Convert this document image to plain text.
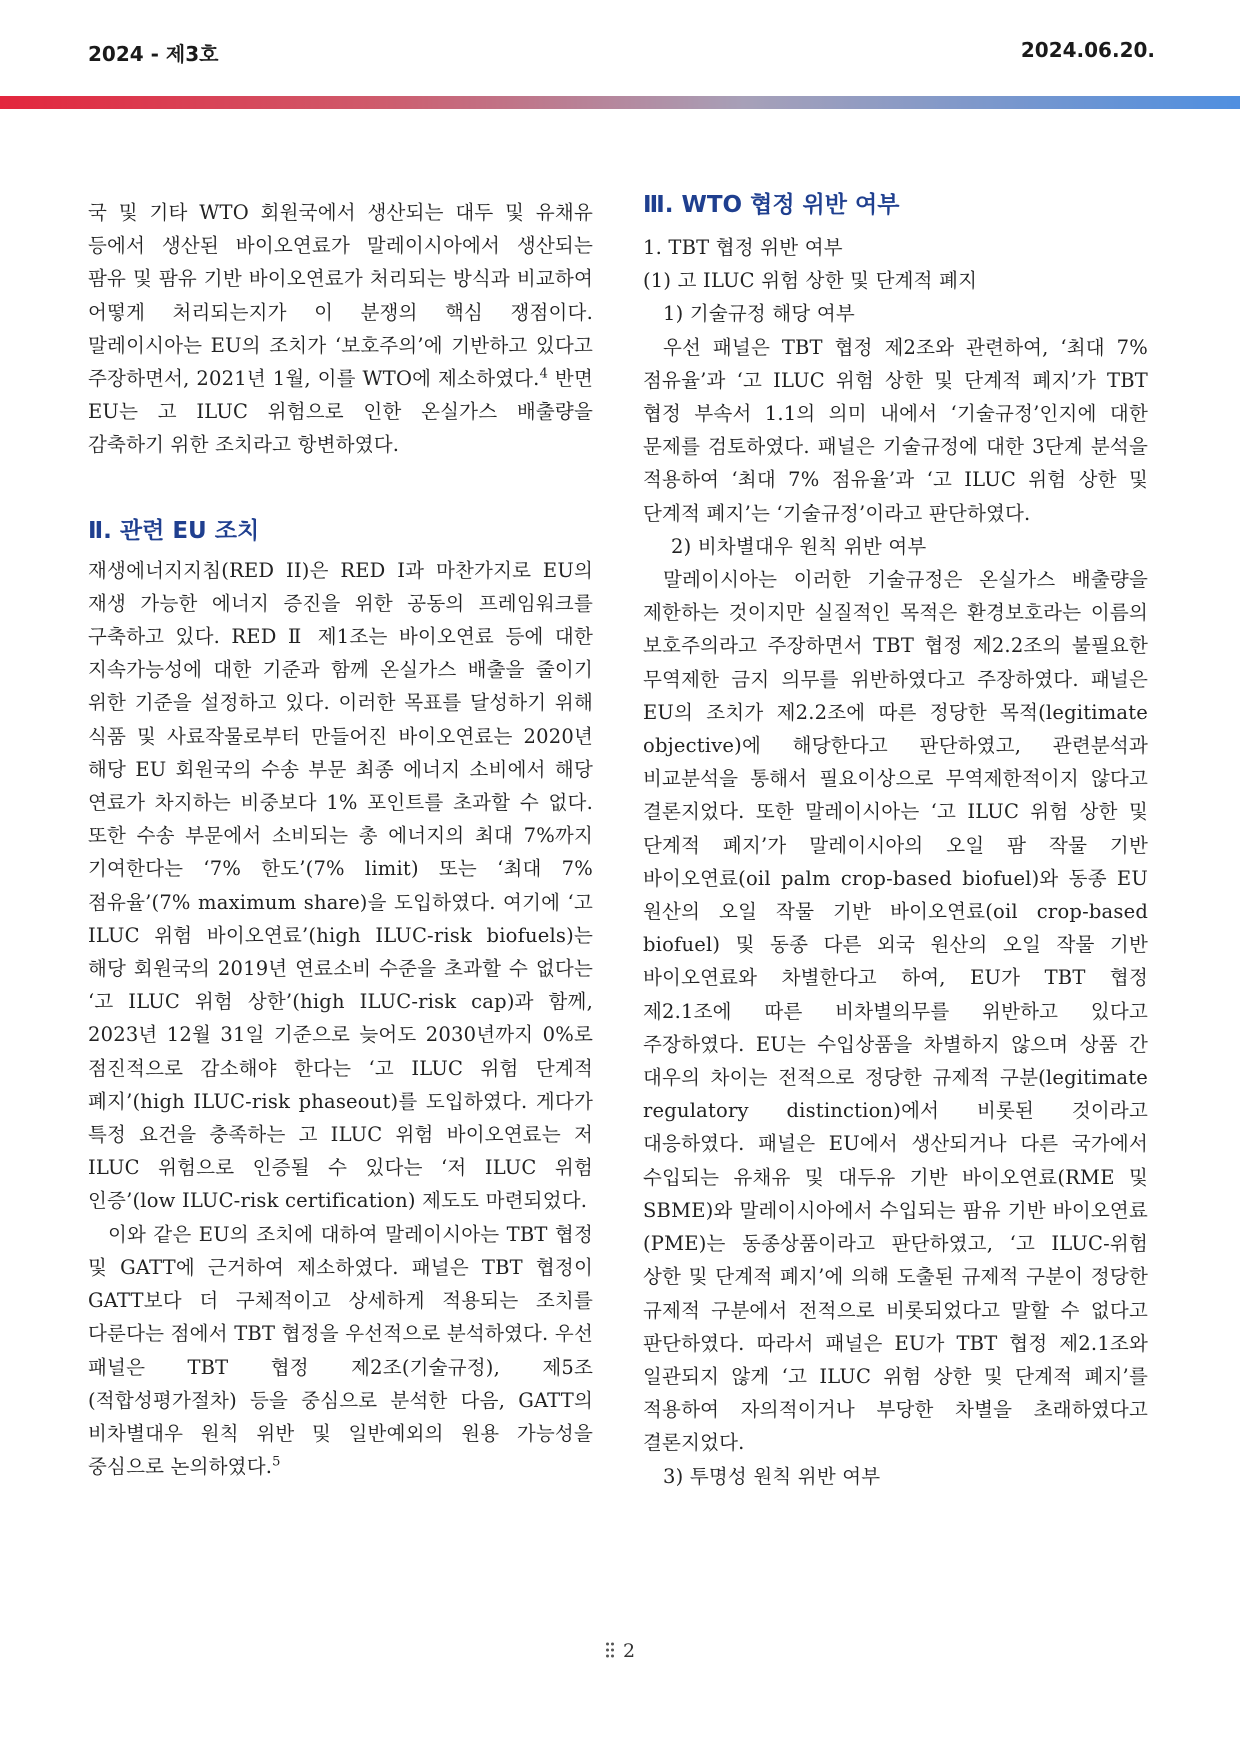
2024 - 제3호	2024.06.20.

국 및 기타 WTO 회원국에서 생산되는 대두 및 유채유 등에서 생산된 바이오연료가 말레이시아에서 생산되는 팜유 및 팜유 기반 바이오연료가 처리되는 방식과 비교하여 어떻게 처리되는지가 이 분쟁의 핵심 쟁점이다. 말레이시아는 EU의 조치가 ‘보호주의’에 기반하고 있다고 주장하면서, 2021년 1월, 이를 WTO에 제소하였다.$^4$ 반면 EU는 고 ILUC 위험으로 인한 온실가스 배출량을 감축하기 위한 조치라고 항변하였다.

Ⅱ. 관련 EU 조치

재생에너지지침(RED II)은 RED I과 마찬가지로 EU의 재생 가능한 에너지 증진을 위한 공동의 프레임워크를 구축하고 있다. RED Ⅱ 제1조는 바이오연료 등에 대한 지속가능성에 대한 기준과 함께 온실가스 배출을 줄이기 위한 기준을 설정하고 있다. 이러한 목표를 달성하기 위해 식품 및 사료작물로부터 만들어진 바이오연료는 2020년 해당 EU 회원국의 수송 부문 최종 에너지 소비에서 해당 연료가 차지하는 비중보다 1% 포인트를 초과할 수 없다. 또한 수송 부문에서 소비되는 총 에너지의 최대 7%까지 기여한다는 ‘7% 한도’(7% limit) 또는 ‘최대 7% 점유율’(7% maximum share)을 도입하였다. 여기에 ‘고 ILUC 위험 바이오연료’(high ILUC-risk biofuels)는 해당 회원국의 2019년 연료소비 수준을 초과할 수 없다는 ‘고 ILUC 위험 상한’(high ILUC-risk cap)과 함께, 2023년 12월 31일 기준으로 늦어도 2030년까지 0%로 점진적으로 감소해야 한다는 ‘고 ILUC 위험 단계적 폐지’(high ILUC-risk phaseout)를 도입하였다. 게다가 특정 요건을 충족하는 고 ILUC 위험 바이오연료는 저 ILUC 위험으로 인증될 수 있다는 ‘저 ILUC 위험 인증’(low ILUC-risk certification) 제도도 마련되었다.

이와 같은 EU의 조치에 대하여 말레이시아는 TBT 협정 및 GATT에 근거하여 제소하였다. 패널은 TBT 협정이 GATT보다 더 구체적이고 상세하게 적용되는 조치를 다룬다는 점에서 TBT 협정을 우선적으로 분석하였다. 우선 패널은 TBT 협정 제2조(기술규정), 제5조(적합성평가절차) 등을 중심으로 분석한 다음, GATT의 비차별대우 원칙 위반 및 일반예외의 원용 가능성을 중심으로 논의하였다.$^5$

Ⅲ. WTO 협정 위반 여부

1. TBT 협정 위반 여부

(1) 고 ILUC 위험 상한 및 단계적 폐지

1) 기술규정 해당 여부

우선 패널은 TBT 협정 제2조와 관련하여, ‘최대 7% 점유율’과 ‘고 ILUC 위험 상한 및 단계적 폐지’가 TBT 협정 부속서 1.1의 의미 내에서 ‘기술규정’인지에 대한 문제를 검토하였다. 패널은 기술규정에 대한 3단계 분석을 적용하여 ‘최대 7% 점유율’과 ‘고 ILUC 위험 상한 및 단계적 폐지’는 ‘기술규정’이라고 판단하였다.

2) 비차별대우 원칙 위반 여부

말레이시아는 이러한 기술규정은 온실가스 배출량을 제한하는 것이지만 실질적인 목적은 환경보호라는 이름의 보호주의라고 주장하면서 TBT 협정 제2.2조의 불필요한 무역제한 금지 의무를 위반하였다고 주장하였다. 패널은 EU의 조치가 제2.2조에 따른 정당한 목적(legitimate objective)에 해당한다고 판단하였고, 관련분석과 비교분석을 통해서 필요이상으로 무역제한적이지 않다고 결론지었다. 또한 말레이시아는 ‘고 ILUC 위험 상한 및 단계적 폐지’가 말레이시아의 오일 팜 작물 기반 바이오연료(oil palm crop-based biofuel)와 동종 EU 원산의 오일 작물 기반 바이오연료(oil crop-based biofuel) 및 동종 다른 외국 원산의 오일 작물 기반 바이오연료와 차별한다고 하여, EU가 TBT 협정 제2.1조에 따른 비차별의무를 위반하고 있다고 주장하였다. EU는 수입상품을 차별하지 않으며 상품 간 대우의 차이는 전적으로 정당한 규제적 구분(legitimate regulatory distinction)에서 비롯된 것이라고 대응하였다. 패널은 EU에서 생산되거나 다른 국가에서 수입되는 유채유 및 대두유 기반 바이오연료(RME 및 SBME)와 말레이시아에서 수입되는 팜유 기반 바이오연료(PME)는 동종상품이라고 판단하였고, ‘고 ILUC-위험 상한 및 단계적 폐지’에 의해 도출된 규제적 구분이 정당한 규제적 구분에서 전적으로 비롯되었다고 말할 수 없다고 판단하였다. 따라서 패널은 EU가 TBT 협정 제2.1조와 일관되지 않게 ‘고 ILUC 위험 상한 및 단계적 폐지’를 적용하여 자의적이거나 부당한 차별을 초래하였다고 결론지었다.

3) 투명성 원칙 위반 여부

2
